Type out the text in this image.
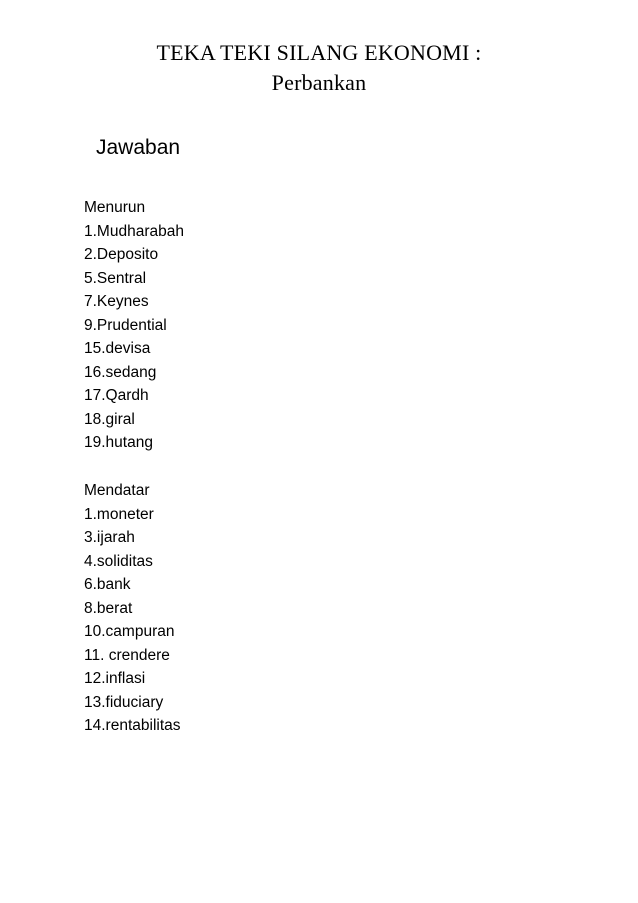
TEKA TEKI SILANG EKONOMI :
Perbankan
Jawaban
Menurun
1.Mudharabah
2.Deposito
5.Sentral
7.Keynes
9.Prudential
15.devisa
16.sedang
17.Qardh
18.giral
19.hutang
Mendatar
1.moneter
3.ijarah
4.soliditas
6.bank
8.berat
10.campuran
11. crendere
12.inflasi
13.fiduciary
14.rentabilitas
